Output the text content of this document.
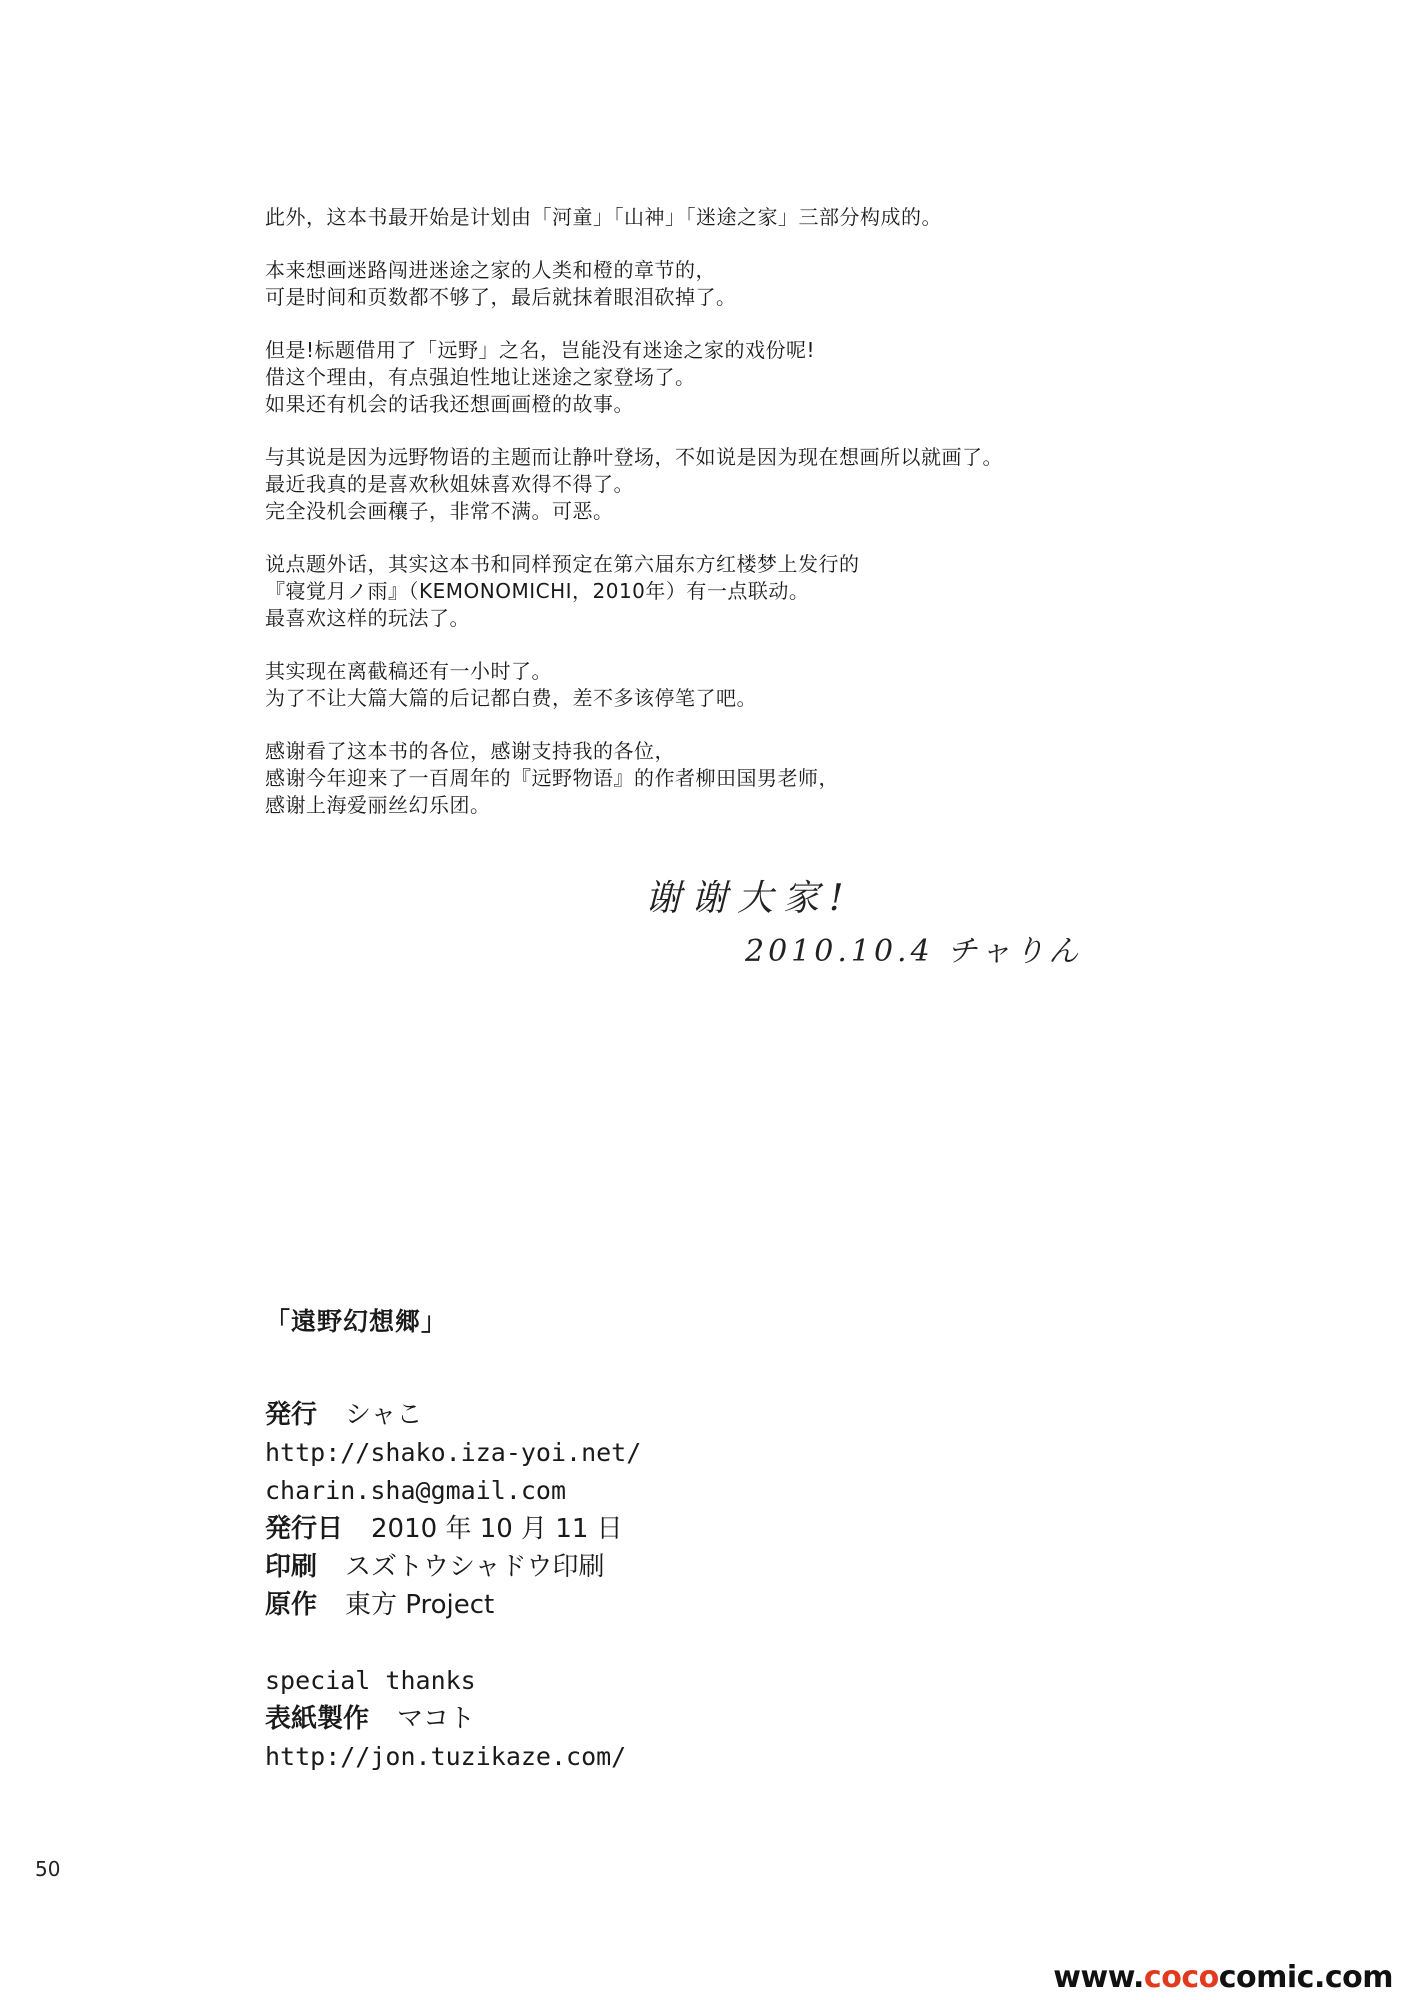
此外，这本书最开始是计划由「河童」「山神」「迷途之家」三部分构成的。

本来想画迷路闯进迷途之家的人类和橙的章节的，
可是时间和页数都不够了，最后就抹着眼泪砍掉了。

但是!标题借用了「远野」之名，岂能没有迷途之家的戏份呢!
借这个理由，有点强迫性地让迷途之家登场了。
如果还有机会的话我还想画画橙的故事。

与其说是因为远野物语的主题而让静叶登场，不如说是因为现在想画所以就画了。
最近我真的是喜欢秋姐妹喜欢得不得了。
完全没机会画穰子，非常不满。可恶。

说点题外话，其实这本书和同样预定在第六届东方红楼梦上发行的
『寝覚月ノ雨』（KEMONOMICHI，2010年）有一点联动。
最喜欢这样的玩法了。

其实现在离截稿还有一小时了。
为了不让大篇大篇的后记都白费，差不多该停笔了吧。

感谢看了这本书的各位，感谢支持我的各位，
感谢今年迎来了一百周年的『远野物语』的作者柳田国男老师，
感谢上海爱丽丝幻乐团。

谢谢大家!
2010.10.4 チャりん
「遠野幻想郷」
発行 シャこ
http://shako.iza-yoi.net/
charin.sha@gmail.com
発行日 2010 年 10 月 11 日
印刷 スズトウシャドウ印刷
原作 東方 Project
special thanks
表紙製作 マコト
http://jon.tuzikaze.com/
50
www.cococomic.com
